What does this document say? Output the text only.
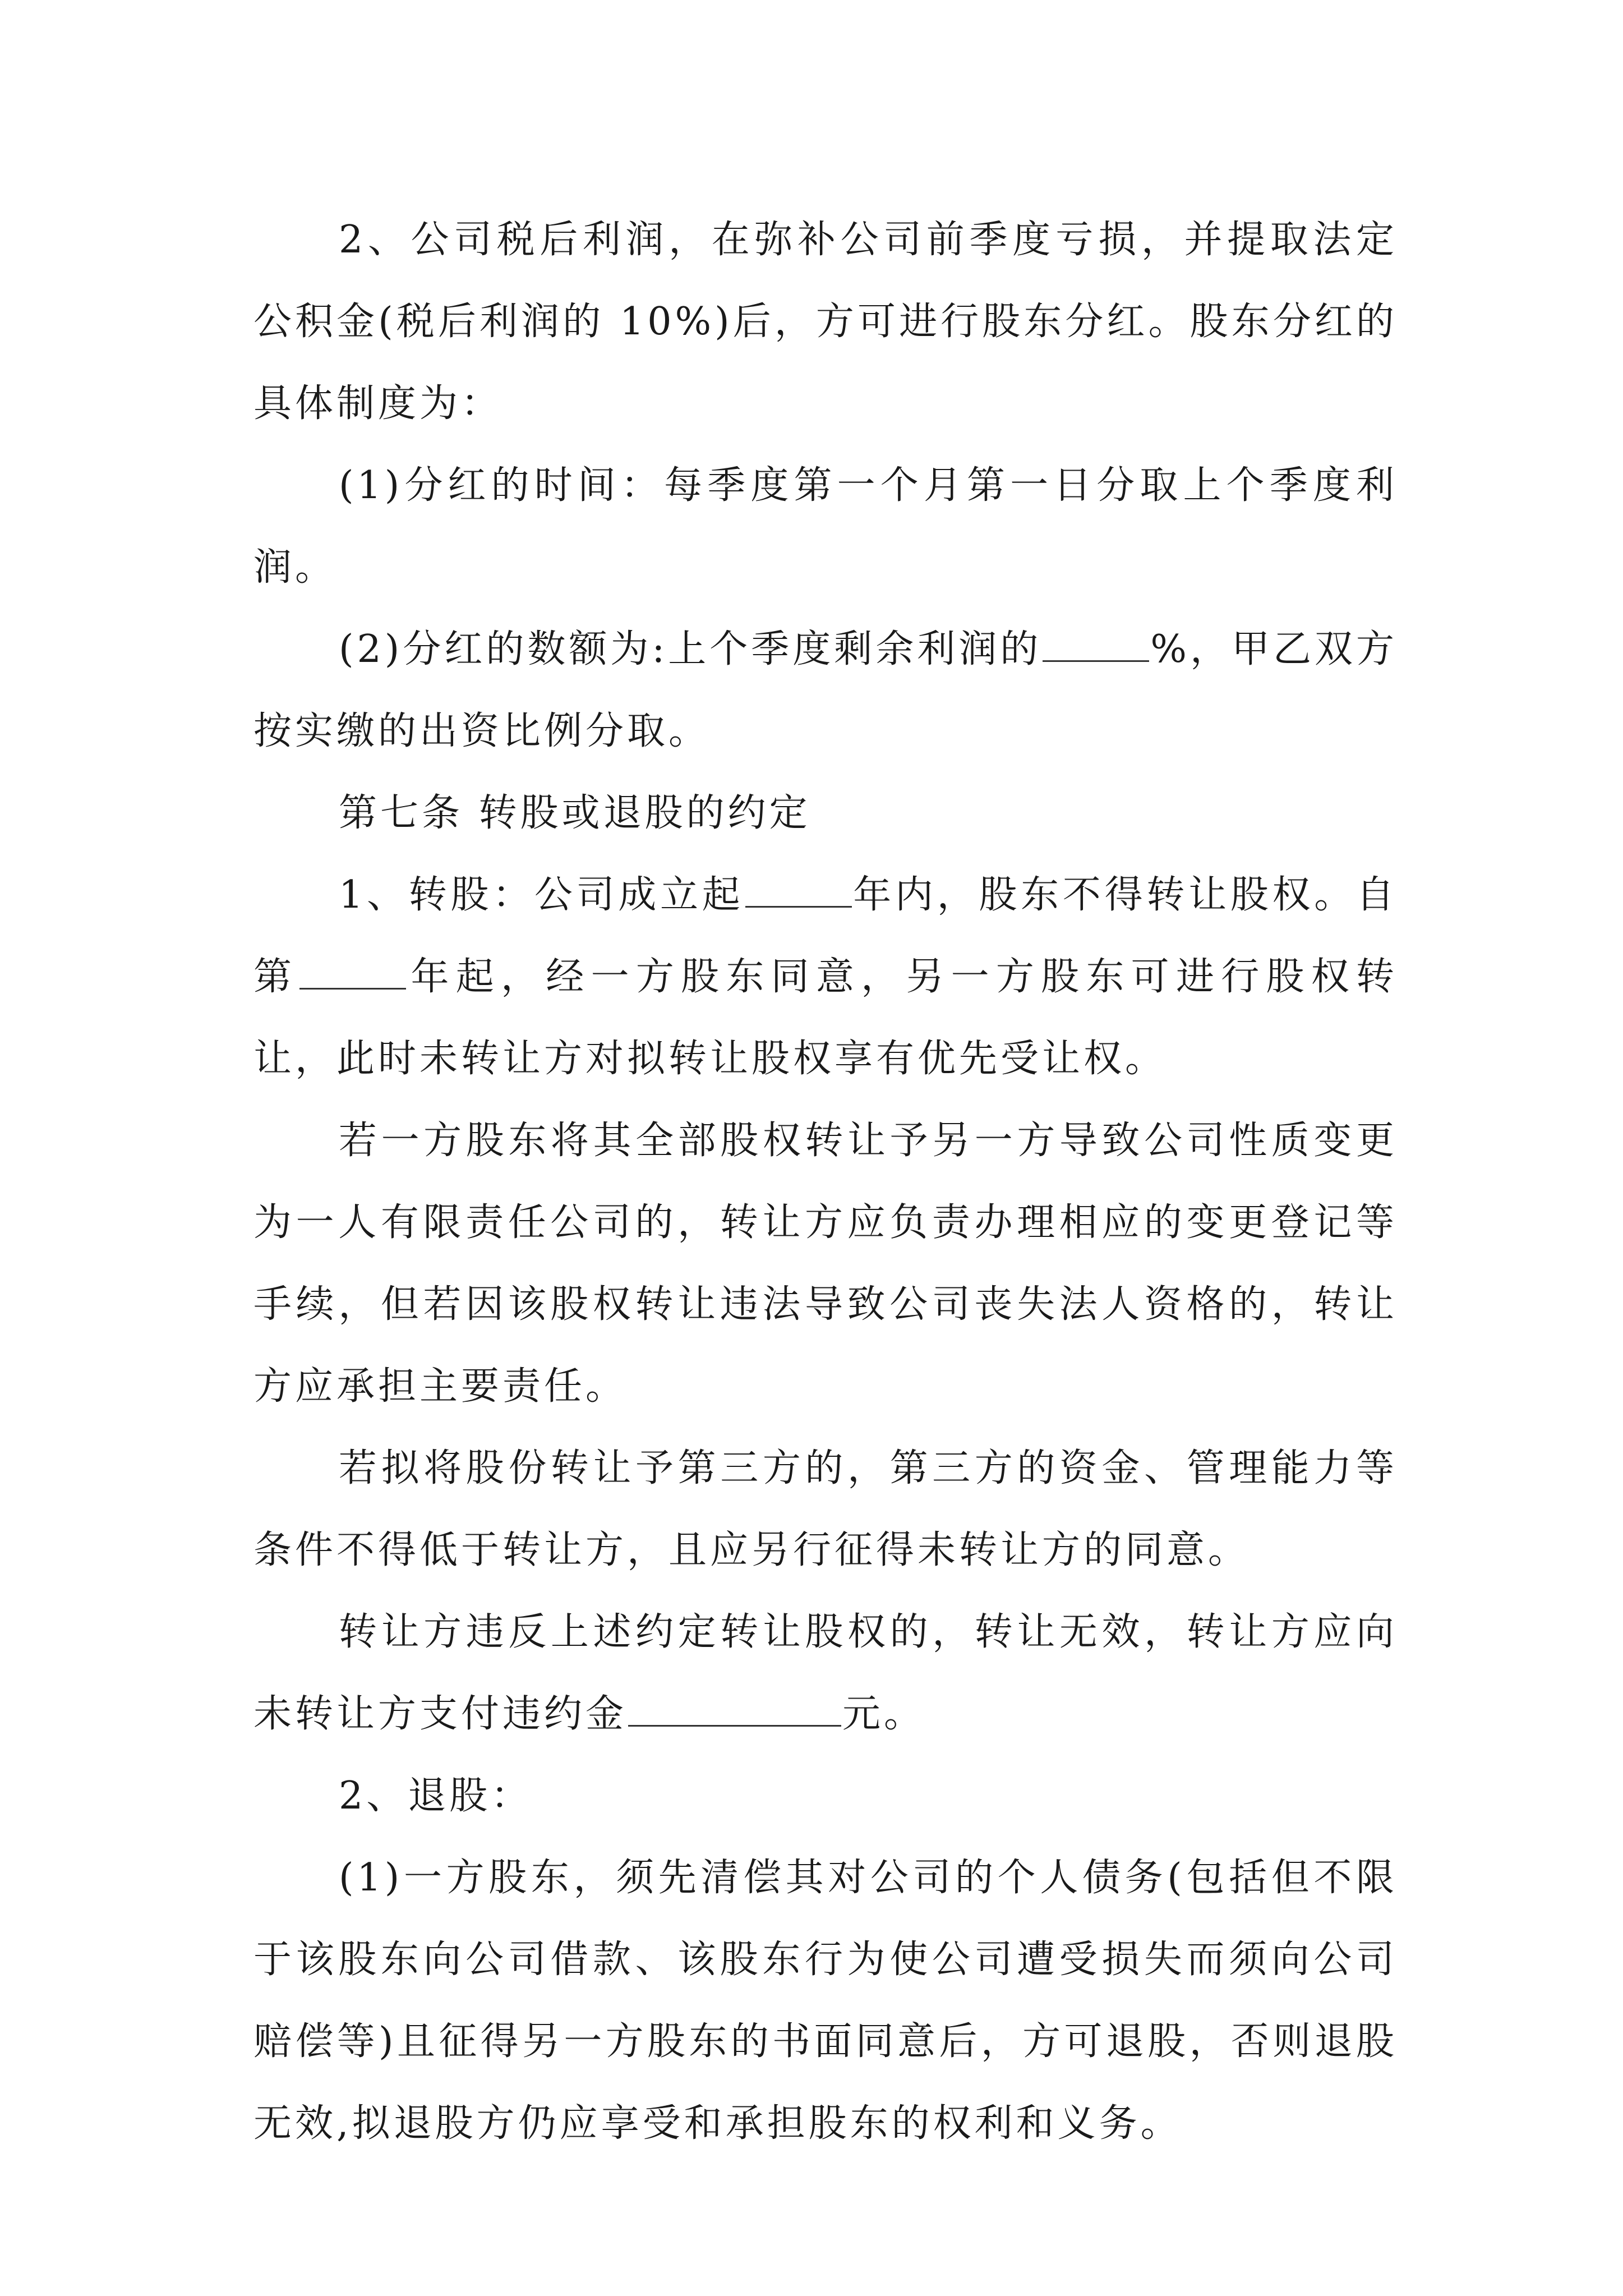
2、公司税后利润，在弥补公司前季度亏损，并提取法定公积金(税后利润的 10%)后，方可进行股东分红。股东分红的具体制度为：

(1)分红的时间：每季度第一个月第一日分取上个季度利润。

(2)分红的数额为:上个季度剩余利润的	%，甲乙双方按实缴的出资比例分取。

第七条 转股或退股的约定

1、转股：公司成立起	年内，股东不得转让股权。自第	年起，经一方股东同意，另一方股东可进行股权转让，此时未转让方对拟转让股权享有优先受让权。

若一方股东将其全部股权转让予另一方导致公司性质变更为一人有限责任公司的，转让方应负责办理相应的变更登记等手续，但若因该股权转让违法导致公司丧失法人资格的，转让方应承担主要责任。

若拟将股份转让予第三方的，第三方的资金、管理能力等条件不得低于转让方，且应另行征得未转让方的同意。

转让方违反上述约定转让股权的，转让无效，转让方应向未转让方支付违约金	元。

2、退股：

(1)一方股东，须先清偿其对公司的个人债务(包括但不限于该股东向公司借款、该股东行为使公司遭受损失而须向公司赔偿等)且征得另一方股东的书面同意后，方可退股，否则退股无效,拟退股方仍应享受和承担股东的权利和义务。
